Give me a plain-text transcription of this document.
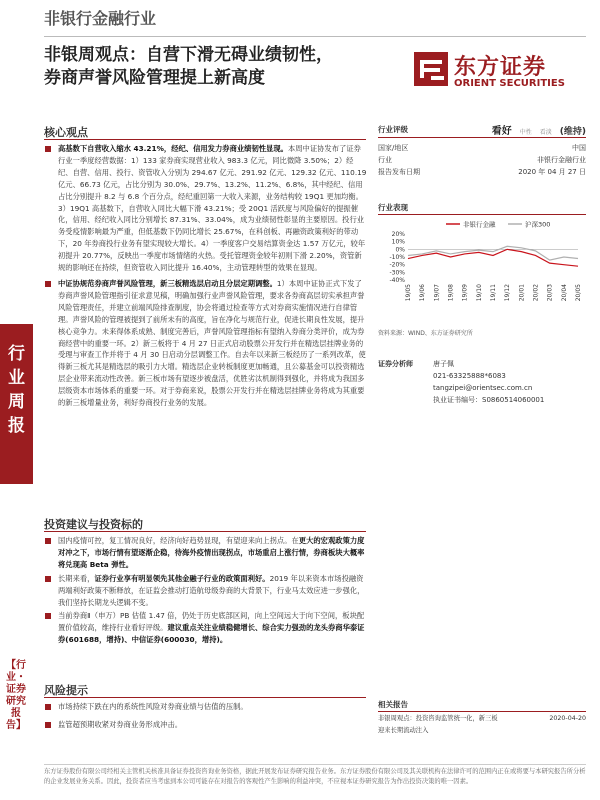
行业周报
【行业・证券研究报告】
非银行金融行业
非银周观点：自营下滑无碍业绩韧性，
券商声誉风险管理提上新高度	东方证券
ORIENT SECURITIES
核心观点
高基数下自营收入缩水 43.21%，经纪、信用发力券商业绩韧性显现。本周中证协发布了证券行业一季度经营数据：1）133 家券商实现营业收入 983.3 亿元，同比微降 3.50%；2）经纪、自营、信用、投行、资管收入分别为 294.67 亿元、291.92 亿元、129.32 亿元、110.19 亿元、66.73 亿元，占比分别为 30.0%、29.7%、13.2%、11.2%、6.8%，其中经纪、信用占比分别提升 8.2 与 6.8 个百分点，经纪重回第一大收入来源，业务结构较 19Q1 更加均衡。3）19Q1 高基数下，自营收入同比大幅下滑 43.21%；受 20Q1 活跃度与风险偏好的提振催化，信用、经纪收入同比分别增长 87.31%、33.04%，成为业绩韧性彰显的主要原因。投行业务受疫情影响最为严重，但低基数下仍同比增长 25.67%，在科创板、再融资政策利好的带动下，20 年券商投行业务有望实现较大增长。4）一季度客户交易结算资金达 1.57 万亿元，较年初提升 20.77%，反映出一季度市场情绪的火热。受托管理资金较年初则下滑 2.20%，资管新规的影响还在持续，但资管收入同比提升 16.40%，主动管理转型的效果在显现。
中证协规范券商声誉风险管理，新三板精选层启动且分层定期调整。1）本周中证协正式下发了券商声誉风险管理指引征求意见稿，明确加强行业声誉风险管理，要求各券商高层切实承担声誉风险管理责任，并建立前端风险排查制度，协会将通过检查等方式对券商实施情况进行自律管理。声誉风险的管理被提到了前所未有的高度，旨在净化与规范行业，促进长期良性发展，提升核心竞争力。未来得体系成熟、制度完善后，声誉风险管理指标有望纳入券商分类评价，成为券商经营中的重要一环。2）新三板将于 4 月 27 日正式启动股票公开发行并在精选层挂牌业务的受理与审查工作并将于 4 月 30 日启动分层调整工作。自去年以来新三板经历了一系列改革，使得新三板尤其是精选层的吸引力大增。精选层企业转板制度更加畅通，且公募基金可以投资精选层企业带来流动性改善。新三板市场有望逐步被盘活，优胜劣汰机制得到强化，并将成为我国多层级资本市场体系的重要一环。对于券商来说，股票公开发行并在精选层挂牌业务将成为其重要的新三板增量业务，利好券商投行业务的发展。
投资建议与投资标的
国内疫情可控，复工情况良好，经济向好趋势显现，有望迎来向上拐点。在更大的宏观政策力度对冲之下，市场行情有望逐渐企稳，待海外疫情出现拐点，市场重启上涨行情，券商板块大概率将兑现高 Beta 弹性。
长期来看，证券行业享有明显领先其他金融子行业的政策面利好。2019 年以来资本市场投融资两端利好政策不断释放，在证监会推动打造航母级券商的大背景下，行业马太效应进一步强化，我们坚持长期龙头逻辑不变。
当前券商Ⅱ（申万）PB 估值 1.47 倍，仍处于历史底部区间，向上空间远大于向下空间，板块配置价值较高，维持行业看好评级。建议重点关注业绩稳健增长、综合实力强劲的龙头券商华泰证券(601688，增持)、中信证券(600030，增持)。
风险提示
市场持续下跌在内的系统性风险对券商业绩与估值的压制。
监管超预期收紧对券商业务形成冲击。
行业评级	看好 中性 看淡 (维持)
国家/地区	中国
行业	非银行金融行业
报告发布日期	2020 年 04 月 27 日
行业表现
非银行金融	沪深300
20%
10%
0%
-10%
-20%
-30%
-40%
19/05 19/06 19/07 19/08 19/09 19/10 19/11 19/12 20/01 20/02 20/03 20/04 20/05
资料来源：WIND、东方证券研究所
证券分析师	唐子佩
021-63325888*6083
tangzipei@orientsec.com.cn
执业证书编号：S0860514060001
相关报告
非银周观点：投资咨询监管统一化，新三板	2020-04-20
迎来长期流动注入
东方证券股份有限公司经相关主管机关核准具备证券投资咨询业务资格，据此开展发布证券研究报告业务。东方证券股份有限公司及其关联机构在法律许可的范围内正在或将要与本研究报告所分析的企业发展业务关系。因此，投资者应当考虑到本公司可能存在对报告的客观性产生影响的利益冲突，不应视本证券研究报告为作出投资决策的唯一因素。
